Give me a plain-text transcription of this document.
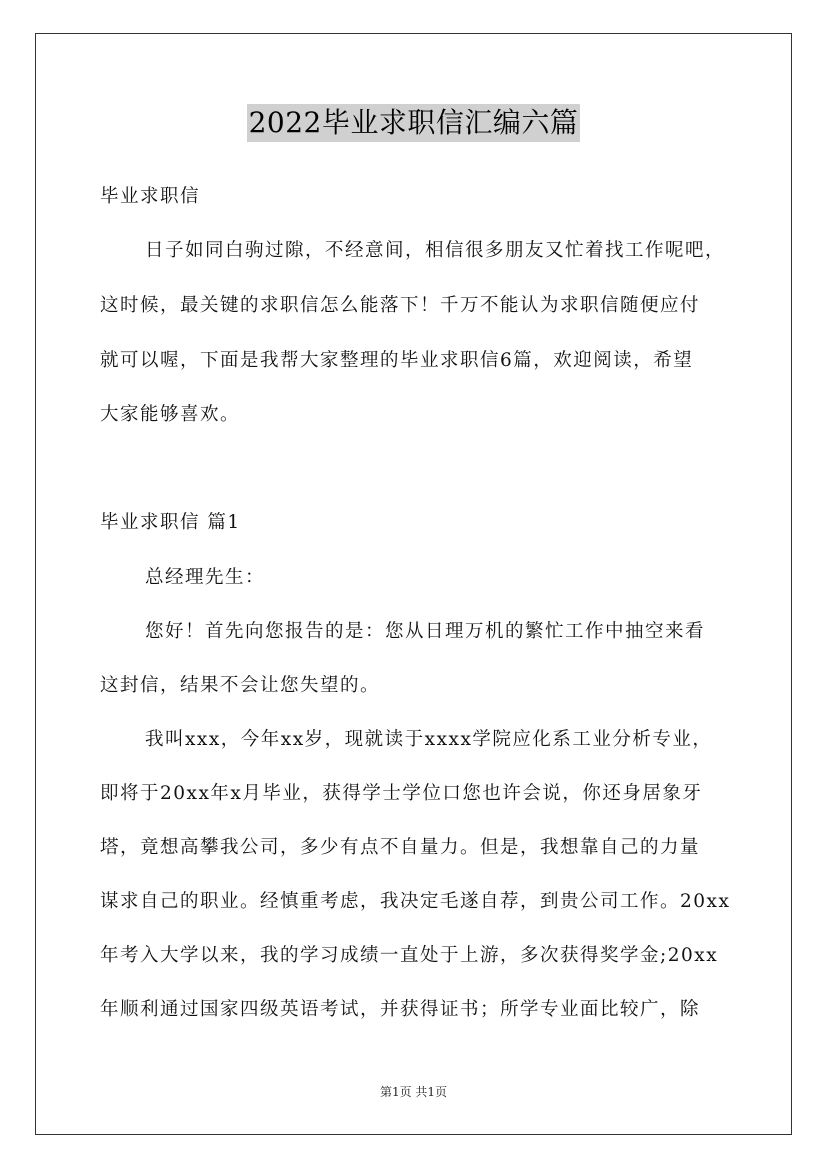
2022毕业求职信汇编六篇
毕业求职信
日子如同白驹过隙，不经意间，相信很多朋友又忙着找工作呢吧，
这时候，最关键的求职信怎么能落下！千万不能认为求职信随便应付
就可以喔，下面是我帮大家整理的毕业求职信6篇，欢迎阅读，希望
大家能够喜欢。
毕业求职信 篇1
总经理先生：
您好！首先向您报告的是：您从日理万机的繁忙工作中抽空来看
这封信，结果不会让您失望的。
我叫xxx，今年xx岁，现就读于xxxx学院应化系工业分析专业，
即将于20xx年x月毕业，获得学士学位口您也许会说，你还身居象牙
塔，竟想高攀我公司，多少有点不自量力。但是，我想靠自己的力量
谋求自己的职业。经慎重考虑，我决定毛遂自荐，到贵公司工作。20xx
年考入大学以来，我的学习成绩一直处于上游，多次获得奖学金;20xx
年顺利通过国家四级英语考试，并获得证书；所学专业面比较广，除
第1页 共1页
